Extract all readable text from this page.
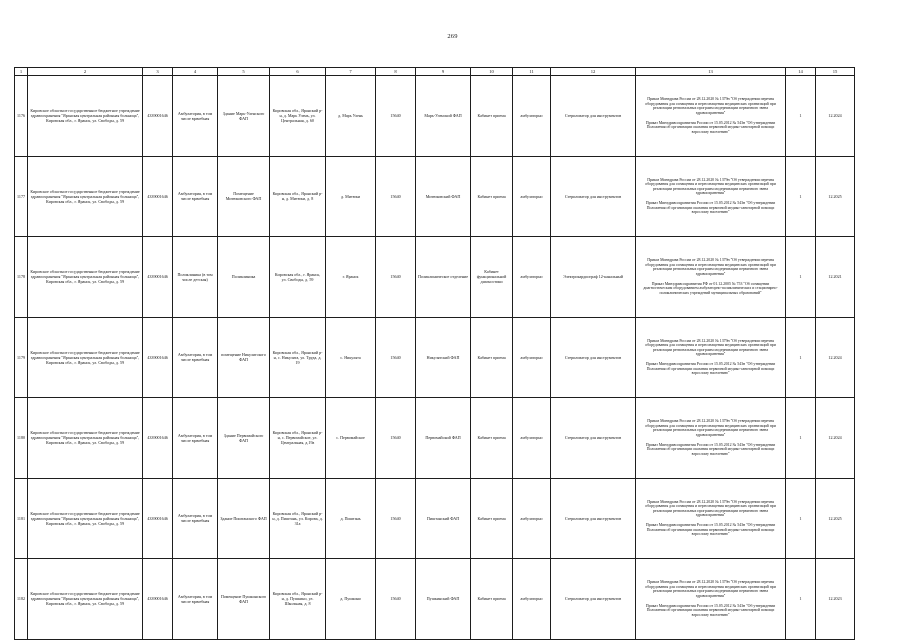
269
1	2	3	4	5	6	7	8	9	10	11	12	13	14	15
1176	Кировское областное государственное бюджетное учреждение здравоохранения "Яранская центральная районная больница", Кировская обл., г. Яранск, ул. Свободы, д. 59	4339001646	Амбулатория, в том числе врачебная	Здание Марь-Уленского ФАП	Кировская обл., Яранский р-н, д. Марь Улень, ул. Центральная, д. 60	д. Марь Улень	15640	Марь-Уленский ФАП	Кабинет приема	амбулаторно	Стерилизатор для инструментов	Приказ Минздрава России от 28.12.2020 № 1379н "Об утверждении перечня оборудования для оснащения и переоснащения медицинских организаций при реализации региональных программ модернизации первичного звена здравоохранения"
Приказ Минздравсоцразвития России от 15.05.2012 № 543н "Об утверждении Положения об организации оказания первичной медико-санитарной помощи взрослому населению"	1	12.2024
1177	Кировское областное государственное бюджетное учреждение здравоохранения "Яранская центральная районная больница", Кировская обл., г. Яранск, ул. Свободы, д. 59	4339001646	Амбулатория, в том числе врачебная	Помещение Митюковского ФАП	Кировская обл., Яранский р-н, д. Митюки, д. 8	д. Митюки	15640	Митюковский ФАП	Кабинет приема	амбулаторно	Стерилизатор для инструментов	Приказ Минздрава России от 28.12.2020 № 1379н "Об утверждении перечня оборудования для оснащения и переоснащения медицинских организаций при реализации региональных программ модернизации первичного звена здравоохранения"
Приказ Минздравсоцразвития России от 15.05.2012 № 543н "Об утверждении Положения об организации оказания первичной медико-санитарной помощи взрослому населению"	1	12.2025
1178	Кировское областное государственное бюджетное учреждение здравоохранения "Яранская центральная районная больница", Кировская обл., г. Яранск, ул. Свободы, д. 59	4339001646	Поликлиника (в том числе детская)	Поликлиника	Кировская обл., г. Яранск, ул. Свободы, д. 59	г. Яранск	15640	Поликлиническое отделение	Кабинет функциональной диагностики	амбулаторно	Электрокардиограф 12-канальный	Приказ Минздрава России от 28.12.2020 № 1379н "Об утверждении перечня оборудования для оснащения и переоснащения медицинских организаций при реализации региональных программ модернизации первичного звена здравоохранения"
Приказ Минздравсоцразвития РФ от 01.12.2005 № 753 "Об оснащении диагностическим оборудованием амбулаторно-поликлинических и стационарно-поликлинических учреждений муниципальных образований"	1	12.2021
1179	Кировское областное государственное бюджетное учреждение здравоохранения "Яранская центральная районная больница", Кировская обл., г. Яранск, ул. Свободы, д. 59	4339001646	Амбулатория, в том числе врачебная	помещение Никулятского ФАП	Кировская обл., Яранский р-н, с. Никулята, ул. Труда, д. 19	с. Никулята	15640	Никулятский ФАП	Кабинет приема	амбулаторно	Стерилизатор для инструментов	Приказ Минздрава России от 28.12.2020 № 1379н "Об утверждении перечня оборудования для оснащения и переоснащения медицинских организаций при реализации региональных программ модернизации первичного звена здравоохранения"
Приказ Минздравсоцразвития России от 15.05.2012 № 543н "Об утверждении Положения об организации оказания первичной медико-санитарной помощи взрослому населению"	1	12.2024
1180	Кировское областное государственное бюджетное учреждение здравоохранения "Яранская центральная районная больница", Кировская обл., г. Яранск, ул. Свободы, д. 59	4339001646	Амбулатория, в том числе врачебная	Здание Первомайского ФАП	Кировская обл., Яранский р-н, с. Первомайское, ул. Центральная, д.19а	с. Первомайское	15640	Первомайский ФАП	Кабинет приема	амбулаторно	Стерилизатор для инструментов	Приказ Минздрава России от 28.12.2020 № 1379н "Об утверждении перечня оборудования для оснащения и переоснащения медицинских организаций при реализации региональных программ модернизации первичного звена здравоохранения"
Приказ Минздравсоцразвития России от 15.05.2012 № 543н "Об утверждении Положения об организации оказания первичной медико-санитарной помощи взрослому населению"	1	12.2024
1181	Кировское областное государственное бюджетное учреждение здравоохранения "Яранская центральная районная больница", Кировская обл., г. Яранск, ул. Свободы, д. 59	4339001646	Амбулатория, в том числе врачебная	Здание Пиштанского ФАП	Кировская обл., Яранский р-н, д. Пиштань, ул. Кирова, д. 31а	д. Пиштань	15640	Пиштанский ФАП	Кабинет приема	амбулаторно	Стерилизатор для инструментов	Приказ Минздрава России от 28.12.2020 № 1379н "Об утверждении перечня оборудования для оснащения и переоснащения медицинских организаций при реализации региональных программ модернизации первичного звена здравоохранения"
Приказ Минздравсоцразвития России от 15.05.2012 № 543н "Об утверждении Положения об организации оказания первичной медико-санитарной помощи взрослому населению"	1	12.2025
1182	Кировское областное государственное бюджетное учреждение здравоохранения "Яранская центральная районная больница", Кировская обл., г. Яранск, ул. Свободы, д. 59	4339001646	Амбулатория, в том числе врачебная	Помещение Пушкинского ФАП	Кировская обл., Яранский р-н, д. Пушкино, ул. Школьная, д. 8	д. Пушкино	15640	Пушкинский ФАП	Кабинет приема	амбулаторно	Стерилизатор для инструментов	Приказ Минздрава России от 28.12.2020 № 1379н "Об утверждении перечня оборудования для оснащения и переоснащения медицинских организаций при реализации региональных программ модернизации первичного звена здравоохранения"
Приказ Минздравсоцразвития России от 15.05.2012 № 543н "Об утверждении Положения об организации оказания первичной медико-санитарной помощи взрослому населению"	1	12.2023
